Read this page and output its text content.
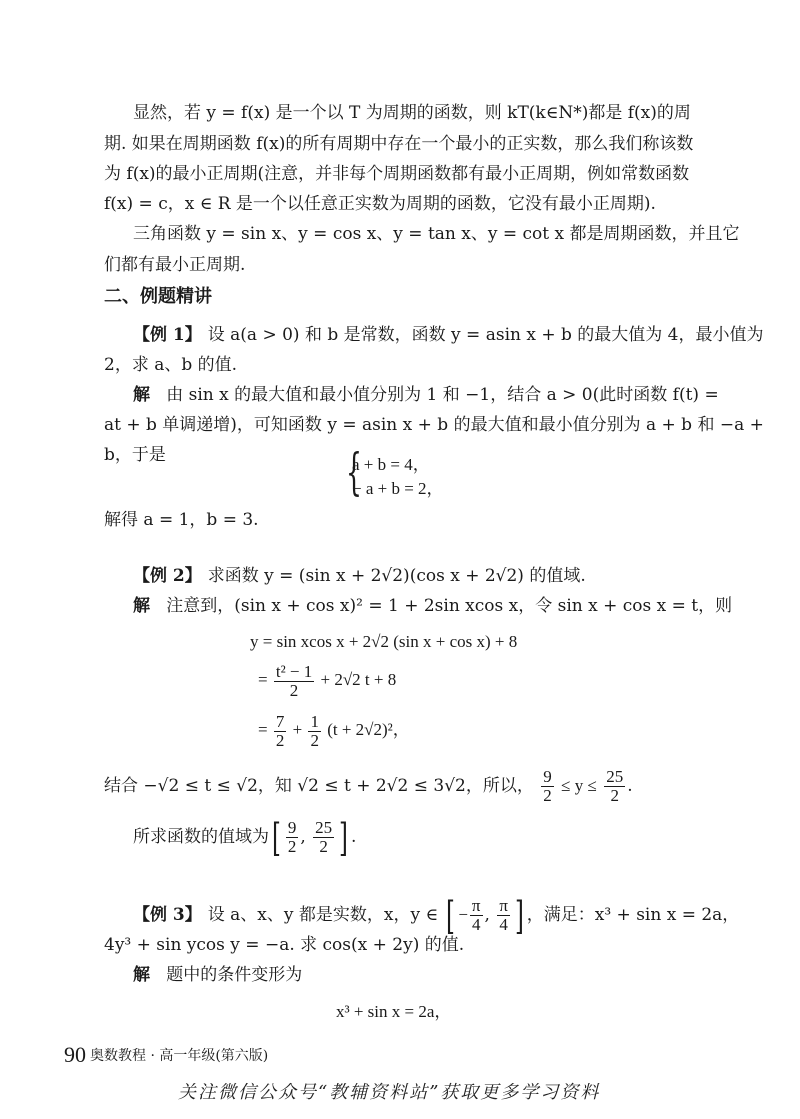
显然，若 y = f(x) 是一个以 T 为周期的函数，则 kT(k∈N*)都是 f(x)的周
期. 如果在周期函数 f(x)的所有周期中存在一个最小的正实数，那么我们称该数
为 f(x)的最小正周期(注意，并非每个周期函数都有最小正周期，例如常数函数
f(x) = c，x ∈ R 是一个以任意正实数为周期的函数，它没有最小正周期).
三角函数 y = sin x、y = cos x、y = tan x、y = cot x 都是周期函数，并且它
们都有最小正周期.
二、例题精讲
【例 1】 设 a(a > 0) 和 b 是常数，函数 y = asin x + b 的最大值为 4，最小值为
2，求 a、b 的值.
解 由 sin x 的最大值和最小值分别为 1 和 −1，结合 a > 0(此时函数 f(t) =
at + b 单调递增)，可知函数 y = asin x + b 的最大值和最小值分别为 a + b 和 −a +
b，于是	{
a + b = 4，
− a + b = 2，
解得 a = 1，b = 3.
【例 2】 求函数 y = (sin x + 2√2)(cos x + 2√2) 的值域.
解 注意到，(sin x + cos x)² = 1 + 2sin xcos x，令 sin x + cos x = t，则
y = sin xcos x + 2√2 (sin x + cos x) + 8
= $\frac{\text{t² − 1}}{2} + 2√2$ t + 8
= $\frac{7}{2} + \frac{1}{2} (t + 2√2)^2$，
结合 −√2 ≤ t ≤ √2，知 √2 ≤ t + 2√2 ≤ 3√2，所以， $\frac{9}{2} \le y \le \frac{25}{2}$ .
所求函数的值域为[ $\frac{9}{2}$ , $\frac{25}{2}$ ] .
【例 3】 设 a、x、y 都是实数，x，y ∈ [ − $\frac{\pi}{4}$ , $\frac{\pi}{4}$ ] ，满足：x³ + sin x = 2a，
4y³ + sin ycos y = −a. 求 cos(x + 2y) 的值.
解 题中的条件变形为
x³ + sin x = 2a，
90 奥数教程 · 高一年级(第六版)
关注微信公众号“教辅资料站”获取更多学习资料
